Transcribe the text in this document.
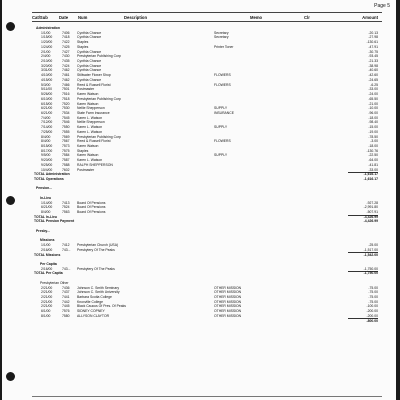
Page 5
Cat/Sub	Date Num	Description	Memo	Clr	Amount
Administration
1/1/00	7406 Cynthia Chance	Secretary	-20.13
1/15/00	7418 Cynthia Chance	Secretary	-27.98
1/20/00	7422 Staples	-130.61
1/24/00	7425 Staples	Printer Toner	-47.91
2/1/00	7427 Cynthia Chance	-30.75
2/4/00	7430 Presbyterian Publishing Corp	-93.45
2/10/00	7435 Cynthia Chance	-21.33
3/20/00	7424 Cynthia Chance	-38.98
3/31/00	7462 Cynthia Chance	-40.60
4/10/00	7461 Stillwater Flower Shop	FLOWERS	-42.60
4/15/00	7462 Cynthia Chance	-24.65
5/3/00	7466 Reed & Russell Florist	FLOWERS	-6.25
5/11/00	7501 Postmaster	-33.00
5/26/00	7516 Karen Watson	-24.00
6/10/00	7518 Presbyterian Publishing Corp	-65.50
6/15/00	7520 Karen Watson	-21.00
6/21/00	7530 Nellie Shepperson	SUPPLY	-10.00
6/21/00	7534 State Farm Insurance	INSURANCE	-96.00
7/4/00	7545 Karen L. Watson	-18.00
7/12/00	7546 Nellie Shepperson	-98.40
7/14/00	7550 Karen L. Watson	SUPPLY	-15.00
7/25/00	7555 Karen L. Watson	-19.00
8/4/00	7569 Presbyterian Publishing Corp	-78.50
8/4/00	7567 Reed & Russell Florist	FLOWERS	-3.00
8/15/00	7573 Karen Watson	-18.00
8/17/00	7575 Staples	-130.76
9/5/00	7584 Karen Watson	SUPPLY	-22.50
9/20/00	7587 Karen L. Watson	-64.00
9/25/00	7588 RALPH SHEPPERSON	-41.81
10/4/00	7602 Postmaster	-33.00
TOTAL Administration	-1,616.17
TOTAL Operations	-1,616.17
Pension...
In-Lieu
1/14/00	7413 Board Of Pensions	-927.28
6/21/00	7524 Board Of Pensions	-2,991.80
8/4/00	7563 Board Of Pensions	-507.91
TOTAL In-Lieu	-4,426.99
TOTAL Pension Payment	-4,426.99
Presby...
Missions
1/1/00	7412 Presbyterian Church (USA)	-25.00
2/16/00	743... Presbytery Of The Peaks	-1,517.00
TOTAL Missions	-1,542.00
Per Capita
2/16/00	743... Presbytery Of The Peaks	-1,750.00
TOTAL Per Capita	-1,750.00
Presbyterian Other
2/21/00	7436 Johnson C. Smith Seminary	OTHER MISSION	-75.00
2/21/00	7437 Johnson C. Smith University	OTHER MISSION	-75.00
2/21/00	7441 Barbara Scotia College	OTHER MISSION	-75.00
2/21/00	7442 Knoxville College	OTHER MISSION	-75.00
2/21/00	7445 Black Caucus Of Pres. Of Peaks	OTHER MISSION	-100.00
6/1/00	7576 SIDNEY COPNEY	OTHER MISSION	-200.00
8/1/00	7580 ALLYSON CLAYTOR	OTHER MISSION	-200.00
-800.00
